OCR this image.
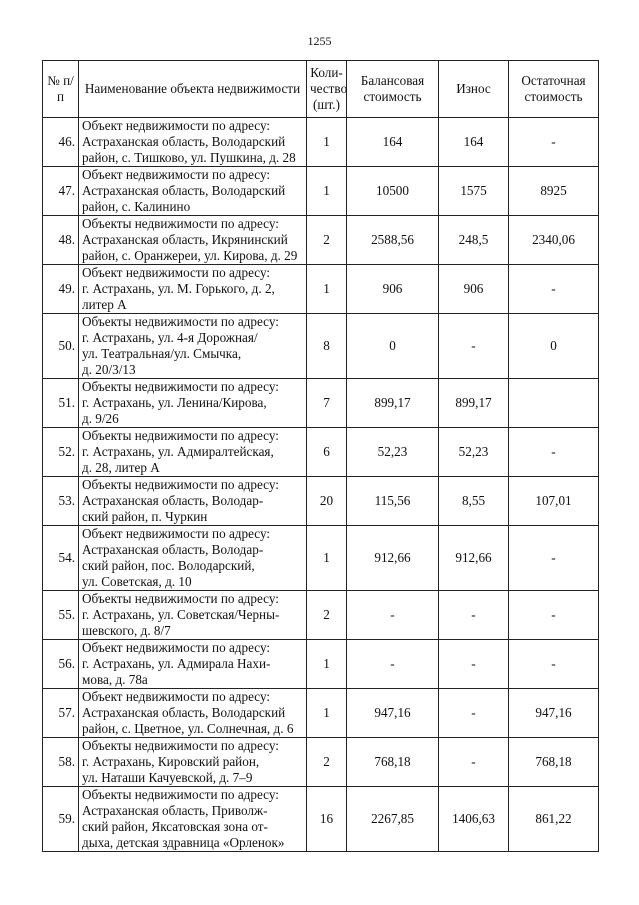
1255
№ п/п	Наименование объекта недвижимости	Коли- чество (шт.)	Балансовая стоимость	Износ	Остаточная стоимость
46.	Объект недвижимости по адресу:
Астраханская область, Володарский
район, с. Тишково, ул. Пушкина, д. 28	1	164	164	-
47.	Объект недвижимости по адресу:
Астраханская область, Володарский
район, с. Калинино	1	10500	1575	8925
48.	Объекты недвижимости по адресу:
Астраханская область, Икрянинский
район, с. Оранжереи, ул. Кирова, д. 29	2	2588,56	248,5	2340,06
49.	Объект недвижимости по адресу:
г. Астрахань, ул. М. Горького, д. 2,
литер А	1	906	906	-
50.	Объекты недвижимости по адресу:
г. Астрахань, ул. 4-я Дорожная/
ул. Театральная/ул. Смычка,
д. 20/3/13	8	0	-	0
51.	Объекты недвижимости по адресу:
г. Астрахань, ул. Ленина/Кирова,
д. 9/26	7	899,17	899,17	
52.	Объекты недвижимости по адресу:
г. Астрахань, ул. Адмиралтейская,
д. 28, литер А	6	52,23	52,23	-
53.	Объекты недвижимости по адресу:
Астраханская область, Володар-
ский район, п. Чуркин	20	115,56	8,55	107,01
54.	Объект недвижимости по адресу:
Астраханская область, Володар-
ский район, пос. Володарский,
ул. Советская, д. 10	1	912,66	912,66	-
55.	Объекты недвижимости по адресу:
г. Астрахань, ул. Советская/Черны-
шевского, д. 8/7	2	-	-	-
56.	Объект недвижимости по адресу:
г. Астрахань, ул. Адмирала Нахи-
мова, д. 78а	1	-	-	-
57.	Объект недвижимости по адресу:
Астраханская область, Володарский
район, с. Цветное, ул. Солнечная, д. 6	1	947,16	-	947,16
58.	Объекты недвижимости по адресу:
г. Астрахань, Кировский район,
ул. Наташи Качуевской, д. 7–9	2	768,18	-	768,18
59.	Объекты недвижимости по адресу:
Астраханская область, Приволж-
ский район, Яксатовская зона от-
дыха, детская здравница «Орленок»	16	2267,85	1406,63	861,22
